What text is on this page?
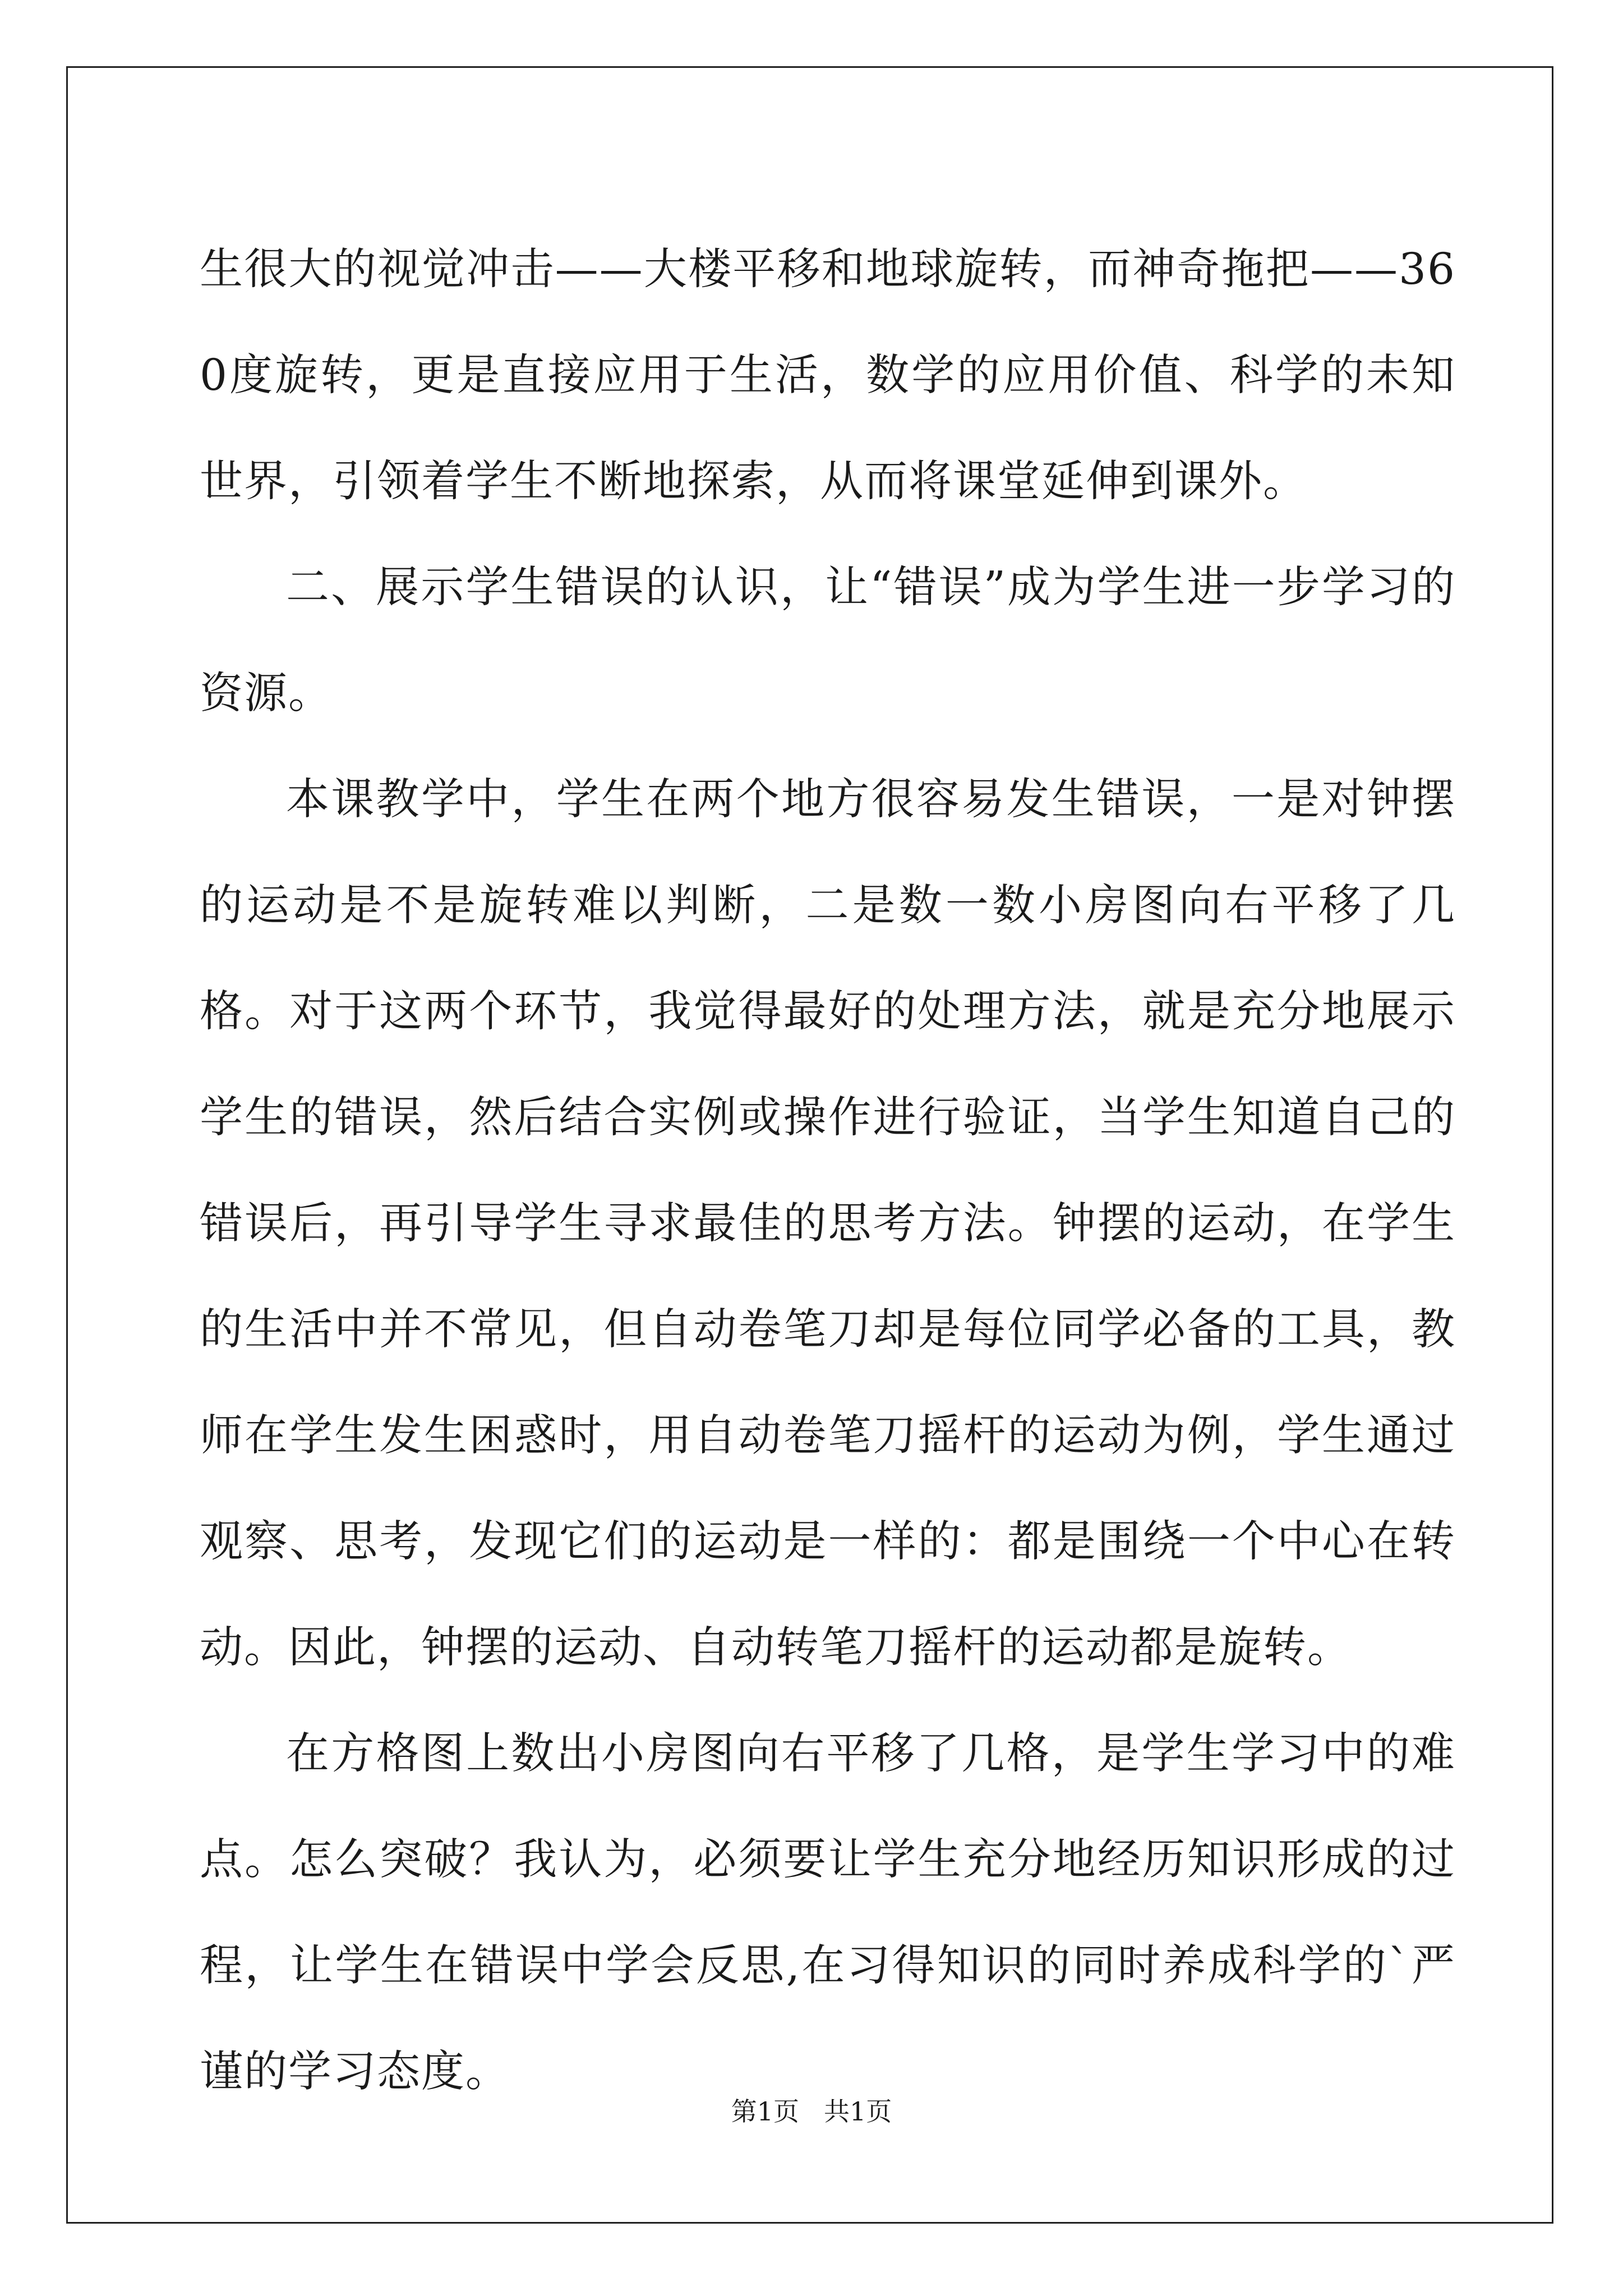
生很大的视觉冲击——大楼平移和地球旋转，而神奇拖把——360度旋转，更是直接应用于生活，数学的应用价值、科学的未知世界，引领着学生不断地探索，从而将课堂延伸到课外。

二、展示学生错误的认识，让“错误”成为学生进一步学习的资源。

本课教学中，学生在两个地方很容易发生错误，一是对钟摆的运动是不是旋转难以判断，二是数一数小房图向右平移了几格。对于这两个环节，我觉得最好的处理方法，就是充分地展示学生的错误，然后结合实例或操作进行验证，当学生知道自己的错误后，再引导学生寻求最佳的思考方法。钟摆的运动，在学生的生活中并不常见，但自动卷笔刀却是每位同学必备的工具，教师在学生发生困惑时，用自动卷笔刀摇杆的运动为例，学生通过观察、思考，发现它们的运动是一样的：都是围绕一个中心在转动。因此，钟摆的运动、自动转笔刀摇杆的运动都是旋转。

在方格图上数出小房图向右平移了几格，是学生学习中的难点。怎么突破？我认为，必须要让学生充分地经历知识形成的过程，让学生在错误中学会反思,在习得知识的同时养成科学的`严谨的学习态度。

第1页 共1页
